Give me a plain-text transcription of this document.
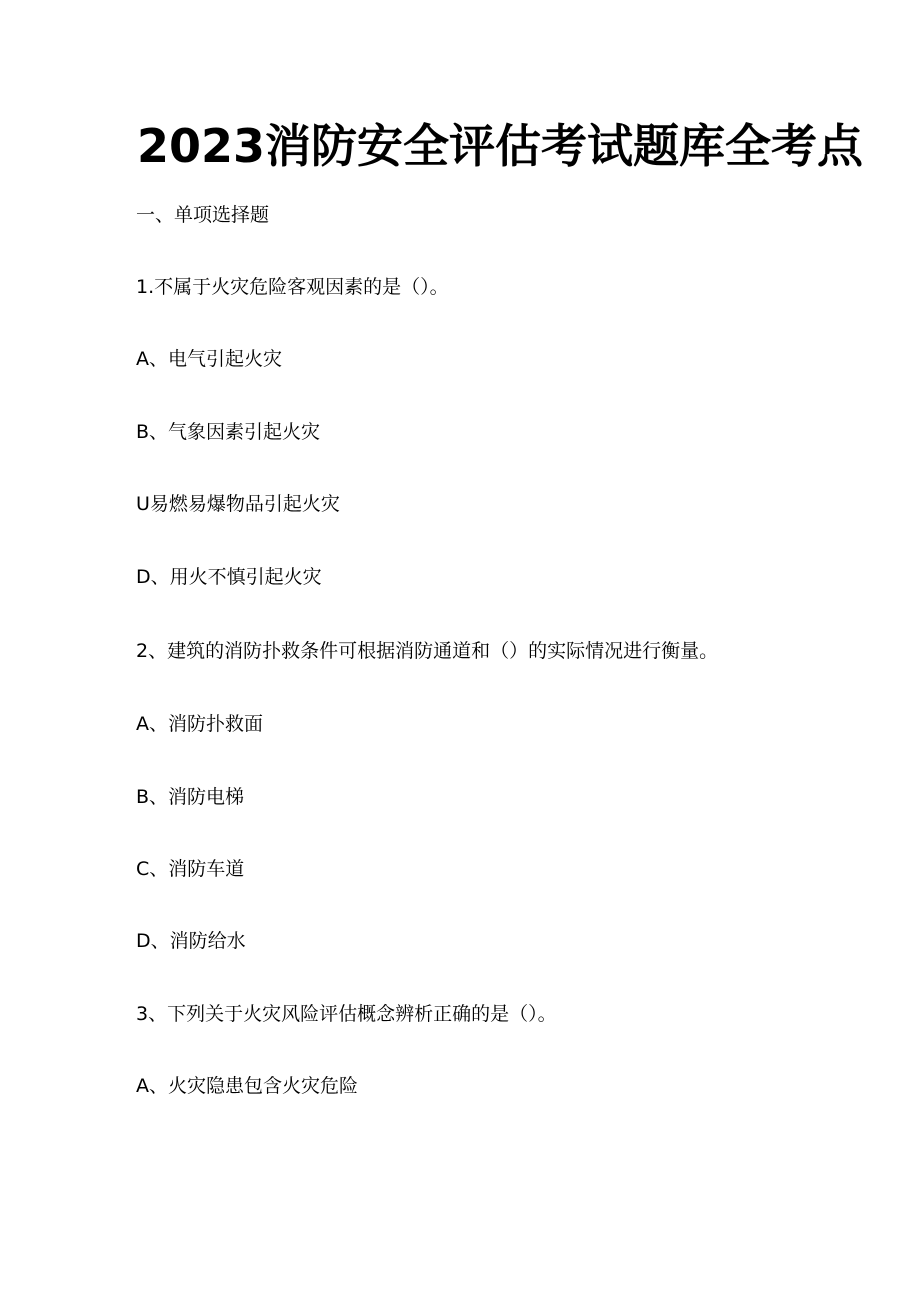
2023消防安全评估考试题库全考点

一、单项选择题

1.不属于火灾危险客观因素的是（）。

A、电气引起火灾

B、气象因素引起火灾

U易燃易爆物品引起火灾

D、用火不慎引起火灾

2、建筑的消防扑救条件可根据消防通道和（）的实际情况进行衡量。

A、消防扑救面

B、消防电梯

C、消防车道

D、消防给水

3、下列关于火灾风险评估概念辨析正确的是（）。

A、火灾隐患包含火灾危险
